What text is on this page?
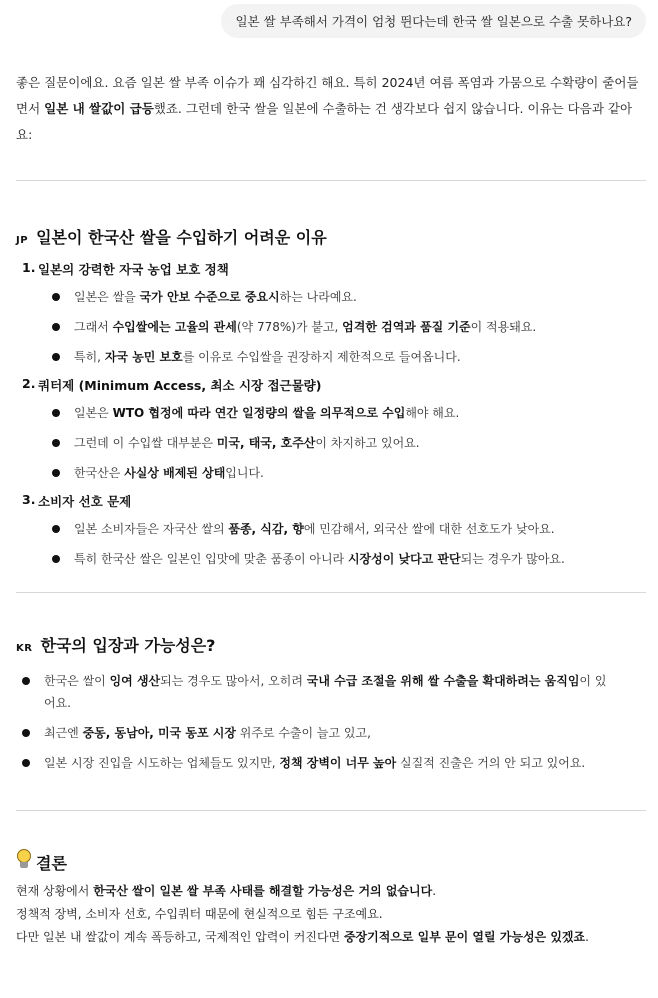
일본 쌀 부족해서 가격이 엄청 뛴다는데 한국 쌀 일본으로 수출 못하나요?
좋은 질문이에요. 요즘 일본 쌀 부족 이슈가 꽤 심각하긴 해요. 특히 2024년 여름 폭염과 가뭄으로 수확량이 줄어들
면서 일본 내 쌀값이 급등했죠. 그런데 한국 쌀을 일본에 수출하는 건 생각보다 쉽지 않습니다. 이유는 다음과 같아
요:
JP 일본이 한국산 쌀을 수입하기 어려운 이유
1. 일본의 강력한 자국 농업 보호 정책
일본은 쌀을 국가 안보 수준으로 중요시하는 나라예요.
그래서 수입쌀에는 고율의 관세(약 778%)가 붙고, 엄격한 검역과 품질 기준이 적용돼요.
특히, 자국 농민 보호를 이유로 수입쌀을 권장하지 제한적으로 들여옵니다.
2. 쿼터제 (Minimum Access, 최소 시장 접근물량)
일본은 WTO 협정에 따라 연간 일정량의 쌀을 의무적으로 수입해야 해요.
그런데 이 수입쌀 대부분은 미국, 태국, 호주산이 차지하고 있어요.
한국산은 사실상 배제된 상태입니다.
3. 소비자 선호 문제
일본 소비자들은 자국산 쌀의 품종, 식감, 향에 민감해서, 외국산 쌀에 대한 선호도가 낮아요.
특히 한국산 쌀은 일본인 입맛에 맞춘 품종이 아니라 시장성이 낮다고 판단되는 경우가 많아요.
KR 한국의 입장과 가능성은?
한국은 쌀이 잉여 생산되는 경우도 많아서, 오히려 국내 수급 조절을 위해 쌀 수출을 확대하려는 움직임이 있
어요.
최근엔 중동, 동남아, 미국 동포 시장 위주로 수출이 늘고 있고,
일본 시장 진입을 시도하는 업체들도 있지만, 정책 장벽이 너무 높아 실질적 진출은 거의 안 되고 있어요.
결론
현재 상황에서 한국산 쌀이 일본 쌀 부족 사태를 해결할 가능성은 거의 없습니다.
정책적 장벽, 소비자 선호, 수입쿼터 때문에 현실적으로 힘든 구조예요.
다만 일본 내 쌀값이 계속 폭등하고, 국제적인 압력이 커진다면 중장기적으로 일부 문이 열릴 가능성은 있겠죠.
